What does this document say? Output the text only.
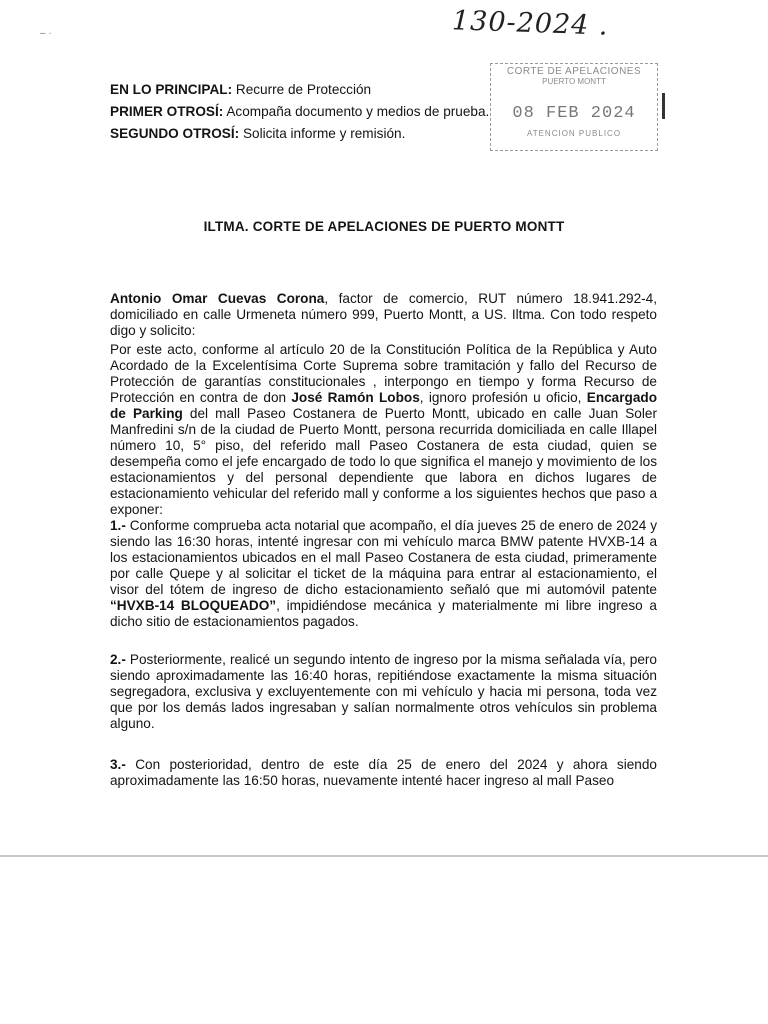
‒ ·	130-2024 .
EN LO PRINCIPAL: Recurre de Protección
PRIMER OTROSÍ: Acompaña documento y medios de prueba.
SEGUNDO OTROSÍ: Solicita informe y remisión.
CORTE DE APELACIONES
PUERTO MONTT
08 FEB 2024
ATENCION PUBLICO
ILTMA. CORTE DE APELACIONES DE PUERTO MONTT
Antonio Omar Cuevas Corona, factor de comercio, RUT número 18.941.292-4, domiciliado en calle Urmeneta número 999, Puerto Montt, a US. Iltma. Con todo respeto digo y solicito:
Por este acto, conforme al artículo 20 de la Constitución Política de la República y Auto Acordado de la Excelentísima Corte Suprema sobre tramitación y fallo del Recurso de Protección de garantías constitucionales , interpongo en tiempo y forma Recurso de Protección en contra de don José Ramón Lobos, ignoro profesión u oficio, Encargado de Parking del mall Paseo Costanera de Puerto Montt, ubicado en calle Juan Soler Manfredini s/n de la ciudad de Puerto Montt, persona recurrida domiciliada en calle Illapel número 10, 5° piso, del referido mall Paseo Costanera de esta ciudad, quien se desempeña como el jefe encargado de todo lo que significa el manejo y movimiento de los estacionamientos y del personal dependiente que labora en dichos lugares de estacionamiento vehicular del referido mall y conforme a los siguientes hechos que paso a exponer:
1.- Conforme comprueba acta notarial que acompaño, el día jueves 25 de enero de 2024 y siendo las 16:30 horas, intenté ingresar con mi vehículo marca BMW patente HVXB-14 a los estacionamientos ubicados en el mall Paseo Costanera de esta ciudad, primeramente por calle Quepe y al solicitar el ticket de la máquina para entrar al estacionamiento, el visor del tótem de ingreso de dicho estacionamiento señaló que mi automóvil patente “HVXB-14 BLOQUEADO”, impidiéndose mecánica y materialmente mi libre ingreso a dicho sitio de estacionamientos pagados.
2.- Posteriormente, realicé un segundo intento de ingreso por la misma señalada vía, pero siendo aproximadamente las 16:40 horas, repitiéndose exactamente la misma situación segregadora, exclusiva y excluyentemente con mi vehículo y hacia mi persona, toda vez que por los demás lados ingresaban y salían normalmente otros vehículos sin problema alguno.
3.- Con posterioridad, dentro de este día 25 de enero del 2024 y ahora siendo aproximadamente las 16:50 horas, nuevamente intenté hacer ingreso al mall Paseo
